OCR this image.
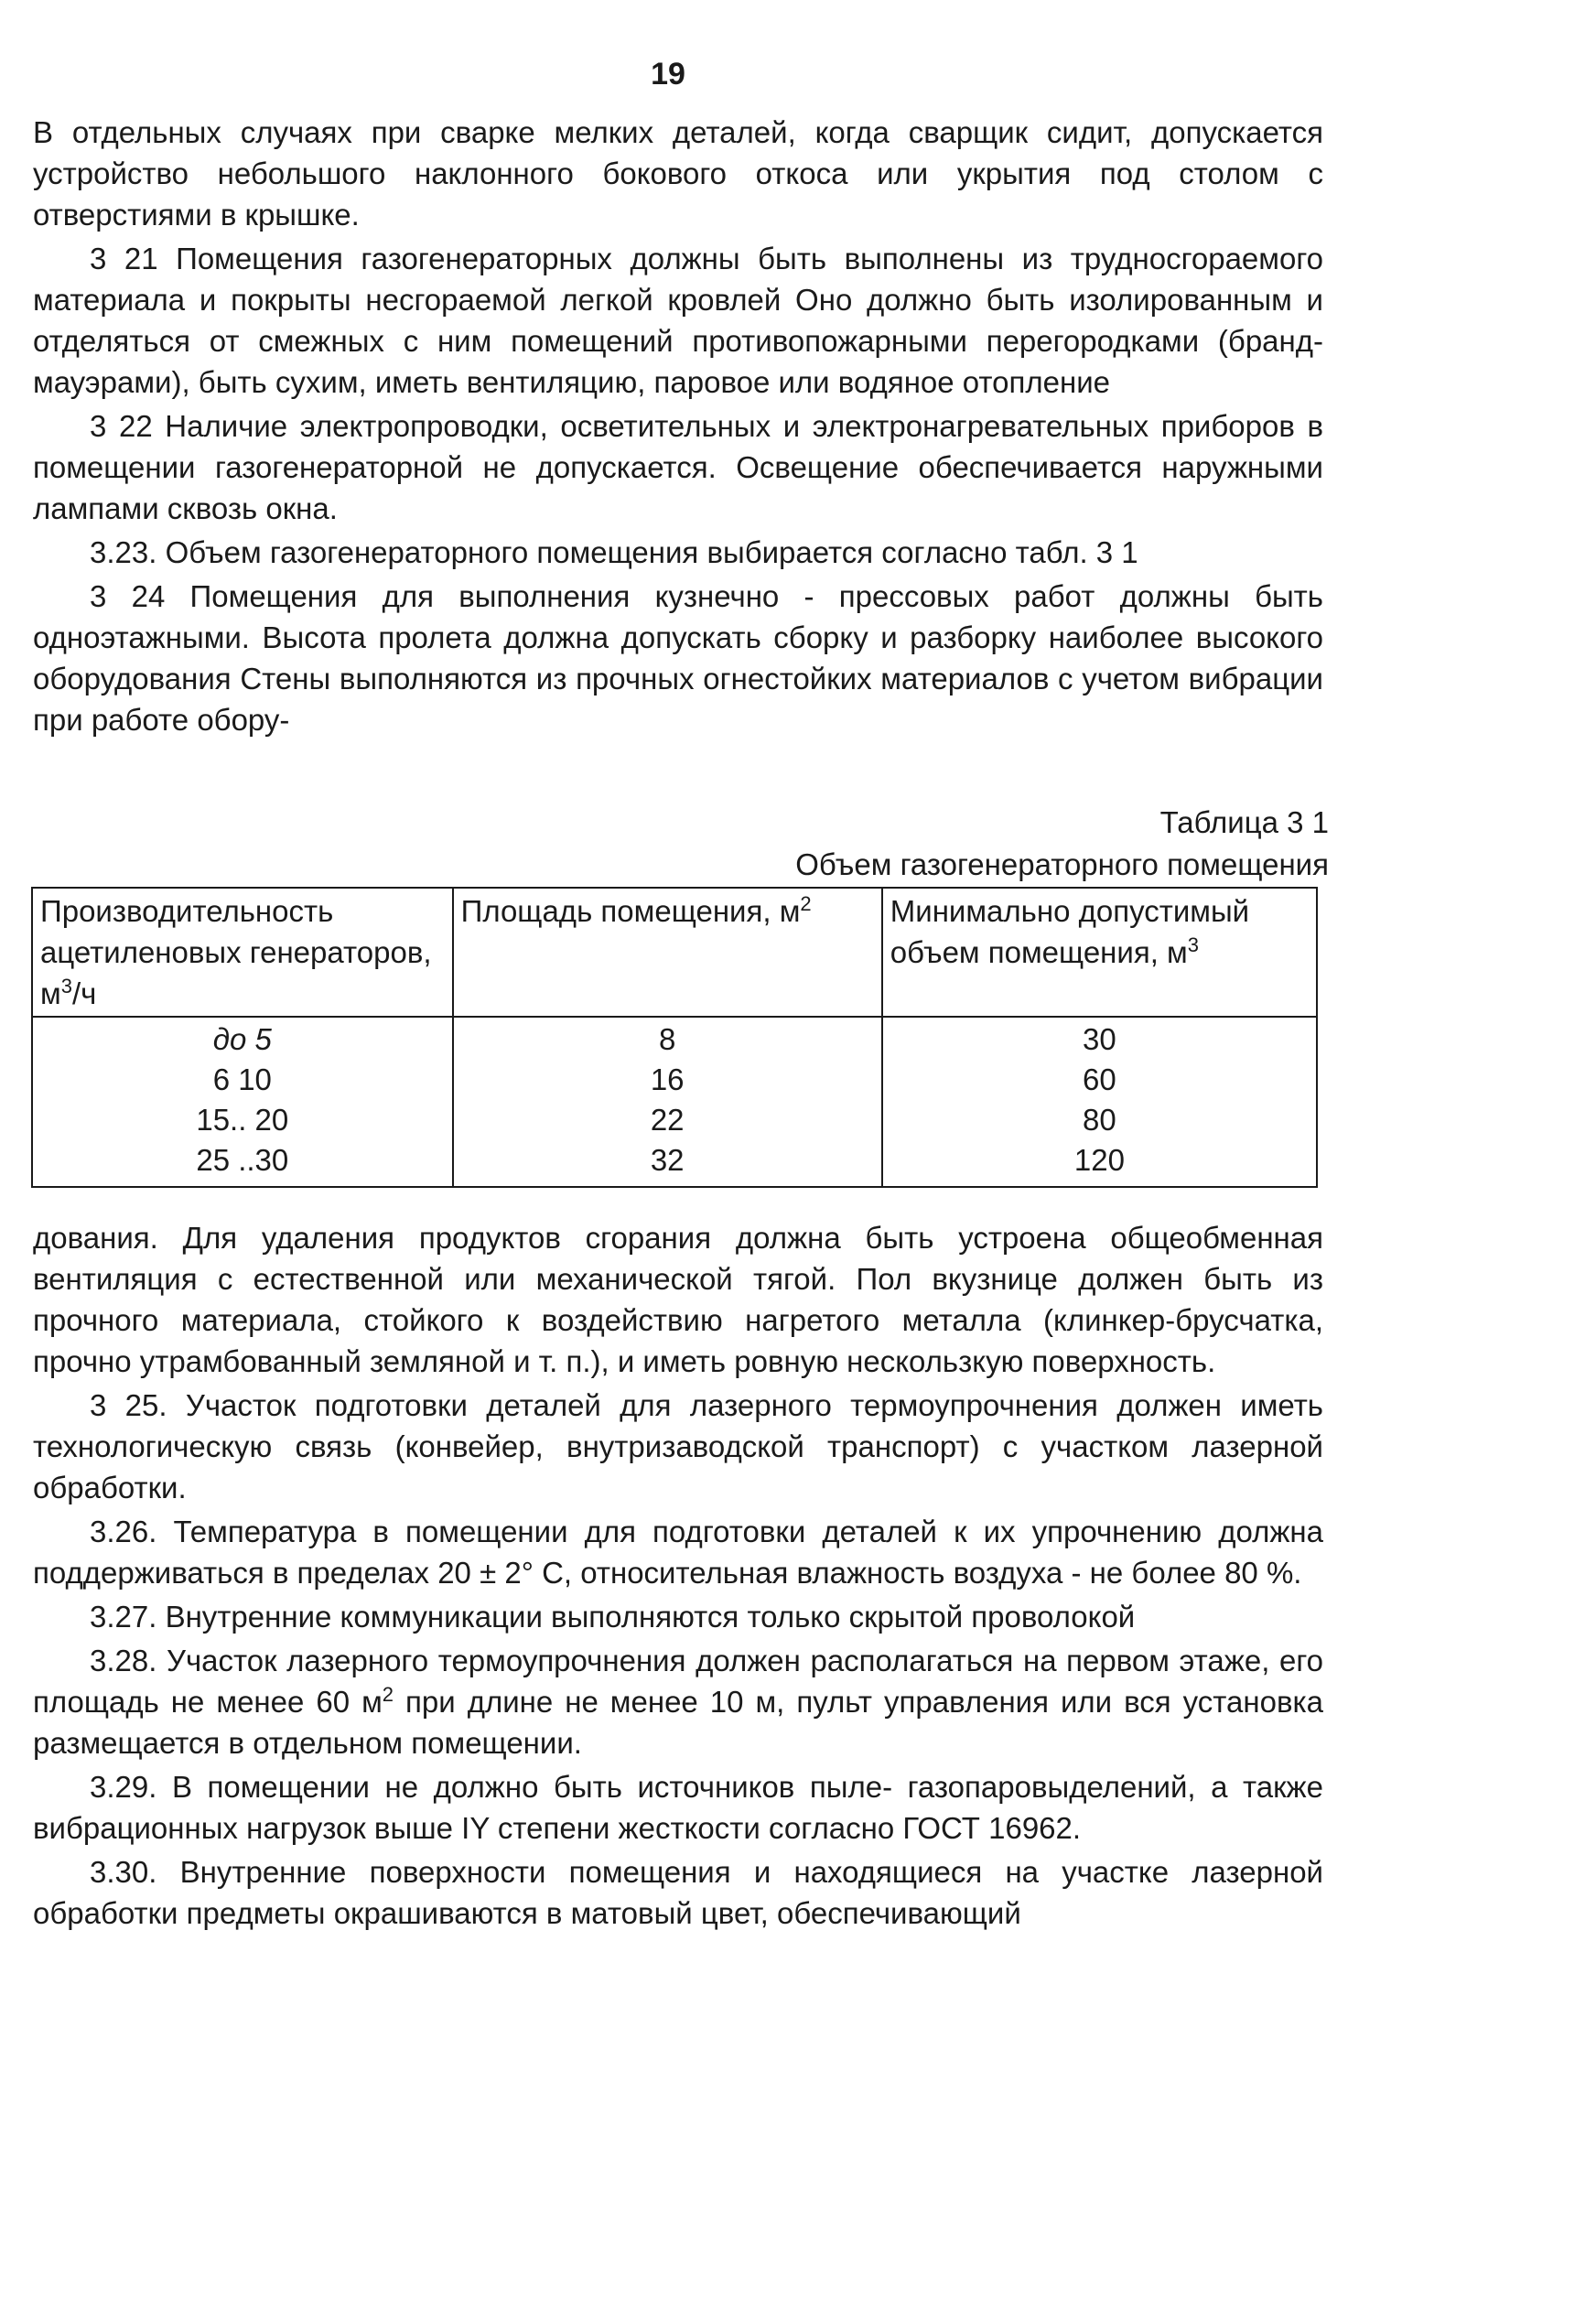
19

В отдельных случаях при сварке мелких деталей, когда сварщик сидит, допускается устройство небольшого наклонного бокового откоса или укрытия под столом с отверстиями в крышке.

3 21 Помещения газогенераторных должны быть выполнены из трудносгораемого материала и покрыты несгораемой легкой кровлей Оно должно быть изолированным и отделяться от смежных с ним помещений противопожарными перегородками (бранд-мауэрами), быть сухим, иметь вентиляцию, паровое или водяное отопление

3 22 Наличие электропроводки, осветительных и электронагревательных приборов в помещении газогенераторной не допускается. Освещение обеспечивается наружными лампами сквозь окна.

3.23. Объем газогенераторного помещения выбирается согласно табл. 3 1

3 24 Помещения для выполнения кузнечно - прессовых работ должны быть одноэтажными. Высота пролета должна допускать сборку и разборку наиболее высокого оборудования Стены выполняются из прочных огнестойких материалов с учетом вибрации при работе обору-

Таблица 3 1
Объем газогенераторного помещения
Производительность ацетиленовых генераторов, $м^3/ч$	Площадь помещения, $м^2$	Минимально допустимый объем помещения, $м^3$
до 5	8	30
6 10	16	60
15.. 20	22	80
25 ..30	32	120

дования. Для удаления продуктов сгорания должна быть устроена общеобменная вентиляция с естественной или механической тягой. Пол вкузнице должен быть из прочного материала, стойкого к воздействию нагретого металла (клинкер-брусчатка, прочно утрамбованный земляной и т. п.), и иметь ровную нескользкую поверхность.

3 25. Участок подготовки деталей для лазерного термоупрочнения должен иметь технологическую связь (конвейер, внутризаводской транспорт) с участком лазерной обработки.

3.26. Температура в помещении для подготовки деталей к их упрочнению должна поддерживаться в пределах 20 ± 2° С, относительная влажность воздуха - не более 80 %.

3.27. Внутренние коммуникации выполняются только скрытой проволокой

3.28. Участок лазерного термоупрочнения должен располагаться на первом этаже, его площадь не менее 60 $м^2$ при длине не менее 10 м, пульт управления или вся установка размещается в отдельном помещении.

3.29. В помещении не должно быть источников пыле- газопаровыделений, а также вибрационных нагрузок выше IY степени жесткости согласно ГОСТ 16962.

3.30. Внутренние поверхности помещения и находящиеся на участке лазерной обработки предметы окрашиваются в матовый цвет, обеспечивающий
